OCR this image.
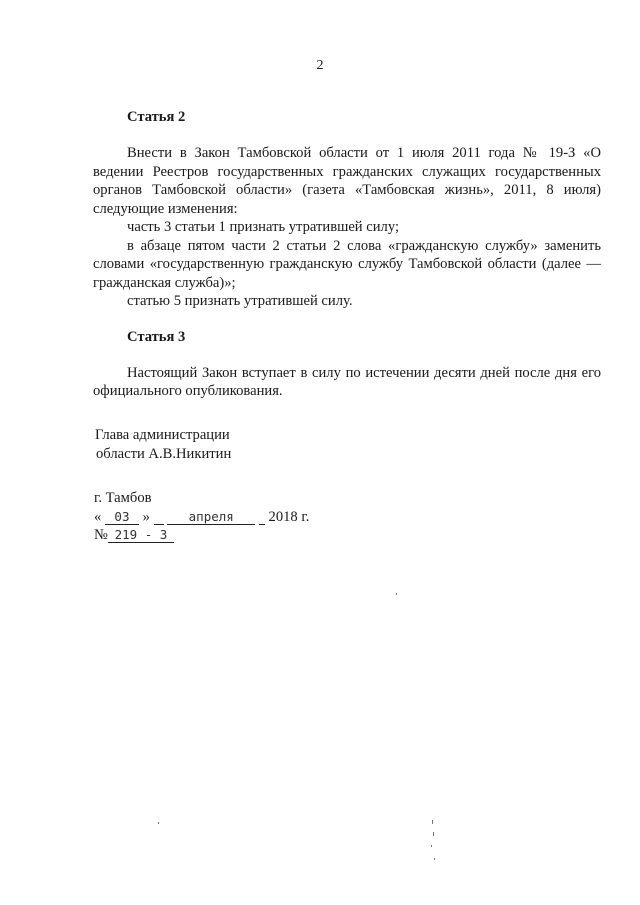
2
Статья 2

Внести в Закон Тамбовской области от 1 июля 2011 года № 19-З «О ведении Реестров государственных гражданских служащих государственных органов Тамбовской области» (газета «Тамбовская жизнь», 2011, 8 июля) следующие изменения:

часть 3 статьи 1 признать утратившей силу;

в абзаце пятом части 2 статьи 2 слова «гражданскую службу» заменить словами «государственную гражданскую службу Тамбовской области (далее — гражданская служба)»;

статью 5 признать утратившей силу.

Статья 3

Настоящий Закон вступает в силу по истечении десяти дней после дня его официального опубликования.

Глава администрации
области А.В.Никитин
г. Тамбов
« 03 »	апреля 2018 г.
№ 219 - З
